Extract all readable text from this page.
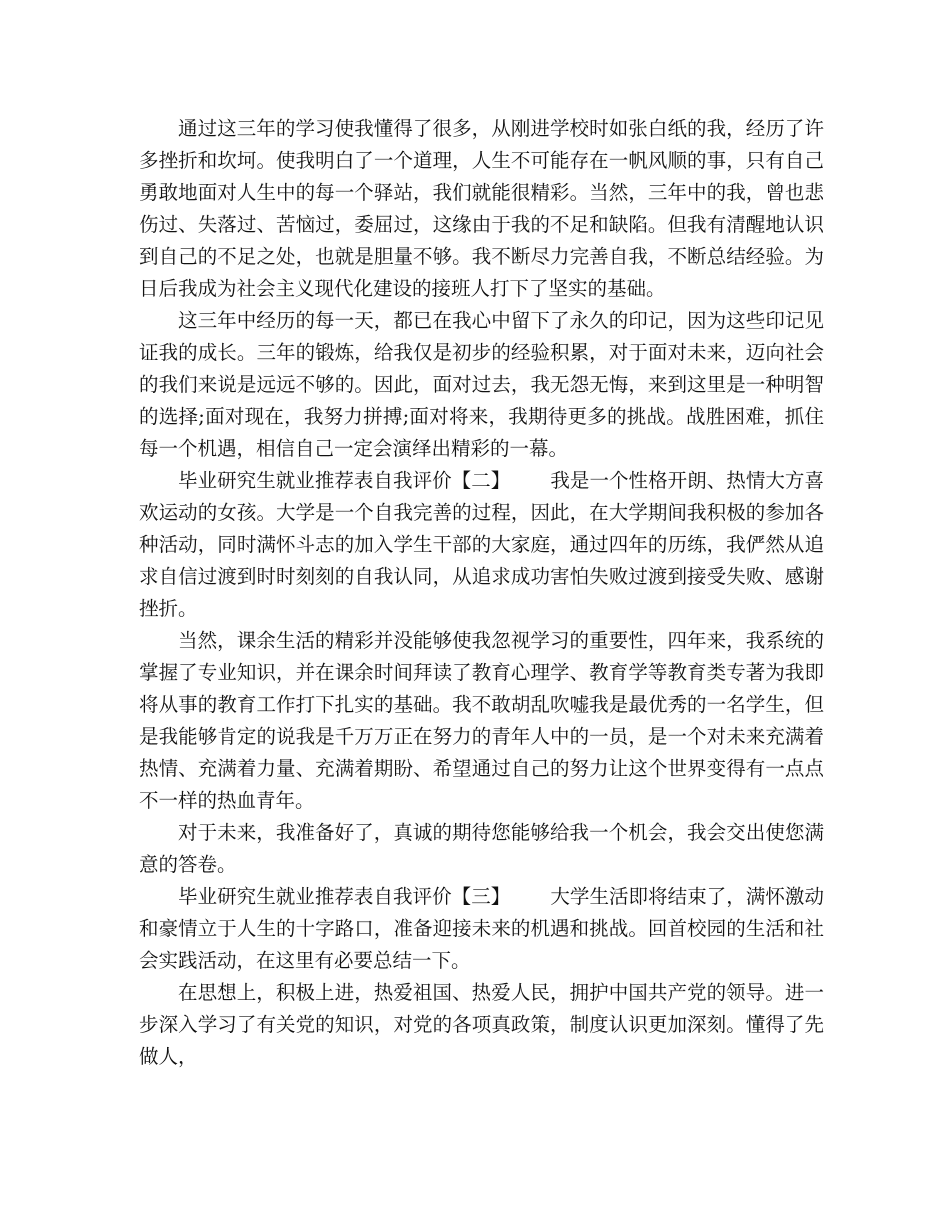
通过这三年的学习使我懂得了很多，从刚进学校时如张白纸的我，经历了许多挫折和坎坷。使我明白了一个道理，人生不可能存在一帆风顺的事，只有自己勇敢地面对人生中的每一个驿站，我们就能很精彩。当然，三年中的我，曾也悲伤过、失落过、苦恼过，委屈过，这缘由于我的不足和缺陷。但我有清醒地认识到自己的不足之处，也就是胆量不够。我不断尽力完善自我，不断总结经验。为日后我成为社会主义现代化建设的接班人打下了坚实的基础。

这三年中经历的每一天，都已在我心中留下了永久的印记，因为这些印记见证我的成长。三年的锻炼，给我仅是初步的经验积累，对于面对未来，迈向社会的我们来说是远远不够的。因此，面对过去，我无怨无悔，来到这里是一种明智的选择;面对现在，我努力拼搏;面对将来，我期待更多的挑战。战胜困难，抓住每一个机遇，相信自己一定会演绎出精彩的一幕。

毕业研究生就业推荐表自我评价【二】 我是一个性格开朗、热情大方喜欢运动的女孩。大学是一个自我完善的过程，因此，在大学期间我积极的参加各种活动，同时满怀斗志的加入学生干部的大家庭，通过四年的历练，我俨然从追求自信过渡到时时刻刻的自我认同，从追求成功害怕失败过渡到接受失败、感谢挫折。

当然，课余生活的精彩并没能够使我忽视学习的重要性，四年来，我系统的掌握了专业知识，并在课余时间拜读了教育心理学、教育学等教育类专著为我即将从事的教育工作打下扎实的基础。我不敢胡乱吹嘘我是最优秀的一名学生，但是我能够肯定的说我是千万万正在努力的青年人中的一员，是一个对未来充满着热情、充满着力量、充满着期盼、希望通过自己的努力让这个世界变得有一点点不一样的热血青年。

对于未来，我准备好了，真诚的期待您能够给我一个机会，我会交出使您满意的答卷。

毕业研究生就业推荐表自我评价【三】 大学生活即将结束了，满怀激动和豪情立于人生的十字路口，准备迎接未来的机遇和挑战。回首校园的生活和社会实践活动，在这里有必要总结一下。

在思想上，积极上进，热爱祖国、热爱人民，拥护中国共产党的领导。进一步深入学习了有关党的知识，对党的各项真政策，制度认识更加深刻。懂得了先做人，
